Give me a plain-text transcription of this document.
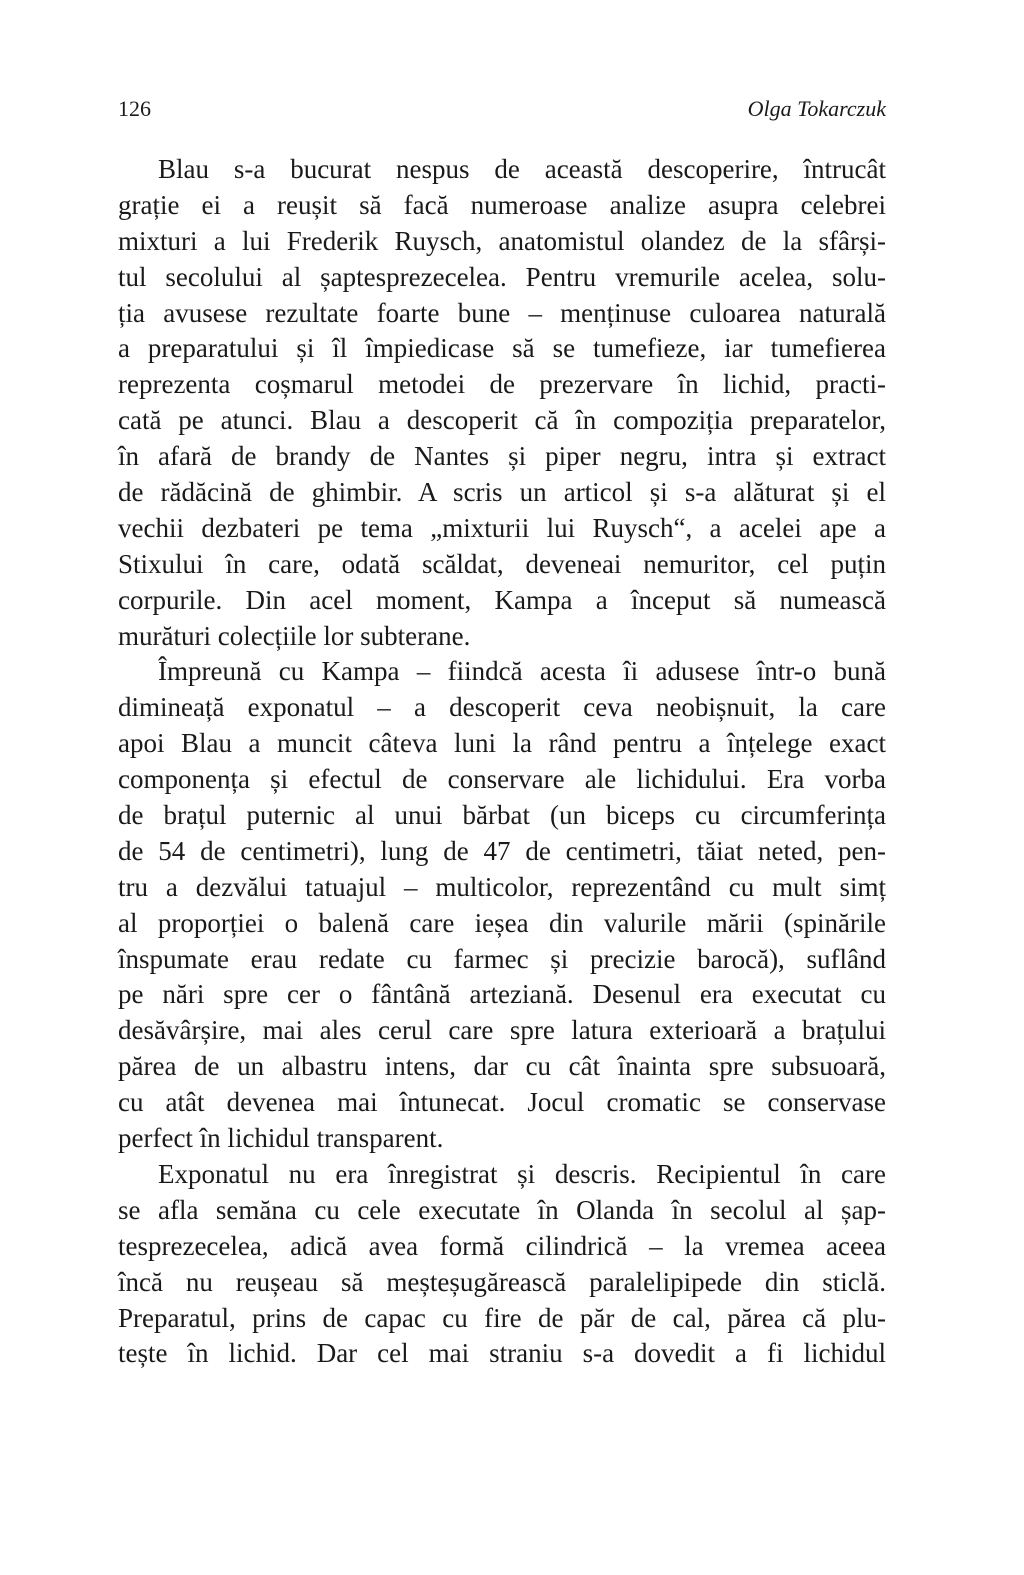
126	Olga Tokarczuk
Blau s-a bucurat nespus de această descoperire, întrucât
grație ei a reușit să facă numeroase analize asupra celebrei
mixturi a lui Frederik Ruysch, anatomistul olandez de la sfârși-
tul secolului al șaptesprezecelea. Pentru vremurile acelea, solu-
ția avusese rezultate foarte bune – menținuse culoarea naturală
a preparatului și îl împiedicase să se tumefieze, iar tumefierea
reprezenta coșmarul metodei de prezervare în lichid, practi-
cată pe atunci. Blau a descoperit că în compoziția preparatelor,
în afară de brandy de Nantes și piper negru, intra și extract
de rădăcină de ghimbir. A scris un articol și s-a alăturat și el
vechii dezbateri pe tema „mixturii lui Ruysch“, a acelei ape a
Stixului în care, odată scăldat, deveneai nemuritor, cel puțin
corpurile. Din acel moment, Kampa a început să numească
murături colecțiile lor subterane.
Împreună cu Kampa – fiindcă acesta îi adusese într-o bună
dimineață exponatul – a descoperit ceva neobișnuit, la care
apoi Blau a muncit câteva luni la rând pentru a înțelege exact
componența și efectul de conservare ale lichidului. Era vorba
de brațul puternic al unui bărbat (un biceps cu circumferința
de 54 de centimetri), lung de 47 de centimetri, tăiat neted, pen-
tru a dezvălui tatuajul – multicolor, reprezentând cu mult simț
al proporției o balenă care ieșea din valurile mării (spinările
înspumate erau redate cu farmec și precizie barocă), suflând
pe nări spre cer o fântână arteziană. Desenul era executat cu
desăvârșire, mai ales cerul care spre latura exterioară a brațului
părea de un albastru intens, dar cu cât înainta spre subsuoară,
cu atât devenea mai întunecat. Jocul cromatic se conservase
perfect în lichidul transparent.
Exponatul nu era înregistrat și descris. Recipientul în care
se afla semăna cu cele executate în Olanda în secolul al șap-
tesprezecelea, adică avea formă cilindrică – la vremea aceea
încă nu reușeau să meșteșugărească paralelipipede din sticlă.
Preparatul, prins de capac cu fire de păr de cal, părea că plu-
tește în lichid. Dar cel mai straniu s-a dovedit a fi lichidul
